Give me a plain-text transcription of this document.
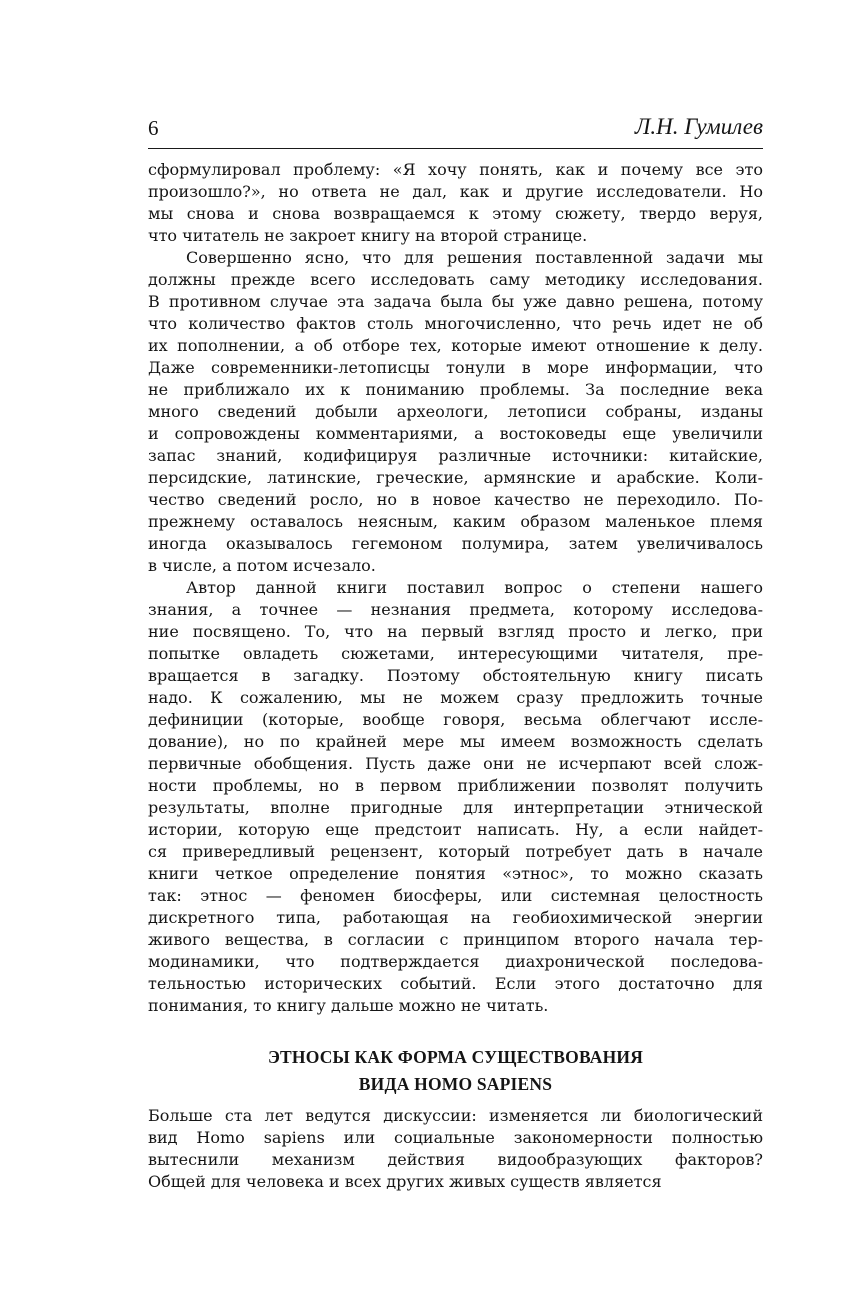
6	Л.Н. Гумилев
сформулировал проблему: «Я хочу понять, как и почему все это
произошло?», но ответа не дал, как и другие исследователи. Но
мы снова и снова возвращаемся к этому сюжету, твердо веруя,
что читатель не закроет книгу на второй странице.
Совершенно ясно, что для решения поставленной задачи мы
должны прежде всего исследовать саму методику исследования.
В противном случае эта задача была бы уже давно решена, потому
что количество фактов столь многочисленно, что речь идет не об
их пополнении, а об отборе тех, которые имеют отношение к делу.
Даже современники-летописцы тонули в море информации, что
не приближало их к пониманию проблемы. За последние века
много сведений добыли археологи, летописи собраны, изданы
и сопровождены комментариями, а востоковеды еще увеличили
запас знаний, кодифицируя различные источники: китайские,
персидские, латинские, греческие, армянские и арабские. Коли-
чество сведений росло, но в новое качество не переходило. По-
прежнему оставалось неясным, каким образом маленькое племя
иногда оказывалось гегемоном полумира, затем увеличивалось
в числе, а потом исчезало.
Автор данной книги поставил вопрос о степени нашего
знания, а точнее — незнания предмета, которому исследова-
ние посвящено. То, что на первый взгляд просто и легко, при
попытке овладеть сюжетами, интересующими читателя, пре-
вращается в загадку. Поэтому обстоятельную книгу писать
надо. К сожалению, мы не можем сразу предложить точные
дефиниции (которые, вообще говоря, весьма облегчают иссле-
дование), но по крайней мере мы имеем возможность сделать
первичные обобщения. Пусть даже они не исчерпают всей слож-
ности проблемы, но в первом приближении позволят получить
результаты, вполне пригодные для интерпретации этнической
истории, которую еще предстоит написать. Ну, а если найдет-
ся привередливый рецензент, который потребует дать в начале
книги четкое определение понятия «этнос», то можно сказать
так: этнос — феномен биосферы, или системная целостность
дискретного типа, работающая на геобиохимической энергии
живого вещества, в согласии с принципом второго начала тер-
модинамики, что подтверждается диахронической последова-
тельностью исторических событий. Если этого достаточно для
понимания, то книгу дальше можно не читать.
ЭТНОСЫ КАК ФОРМА СУЩЕСТВОВАНИЯ
ВИДА HOMO SAPIENS
Больше ста лет ведутся дискуссии: изменяется ли биологический
вид Homo sapiens или социальные закономерности полностью
вытеснили механизм действия видообразующих факторов?
Общей для человека и всех других живых существ является
